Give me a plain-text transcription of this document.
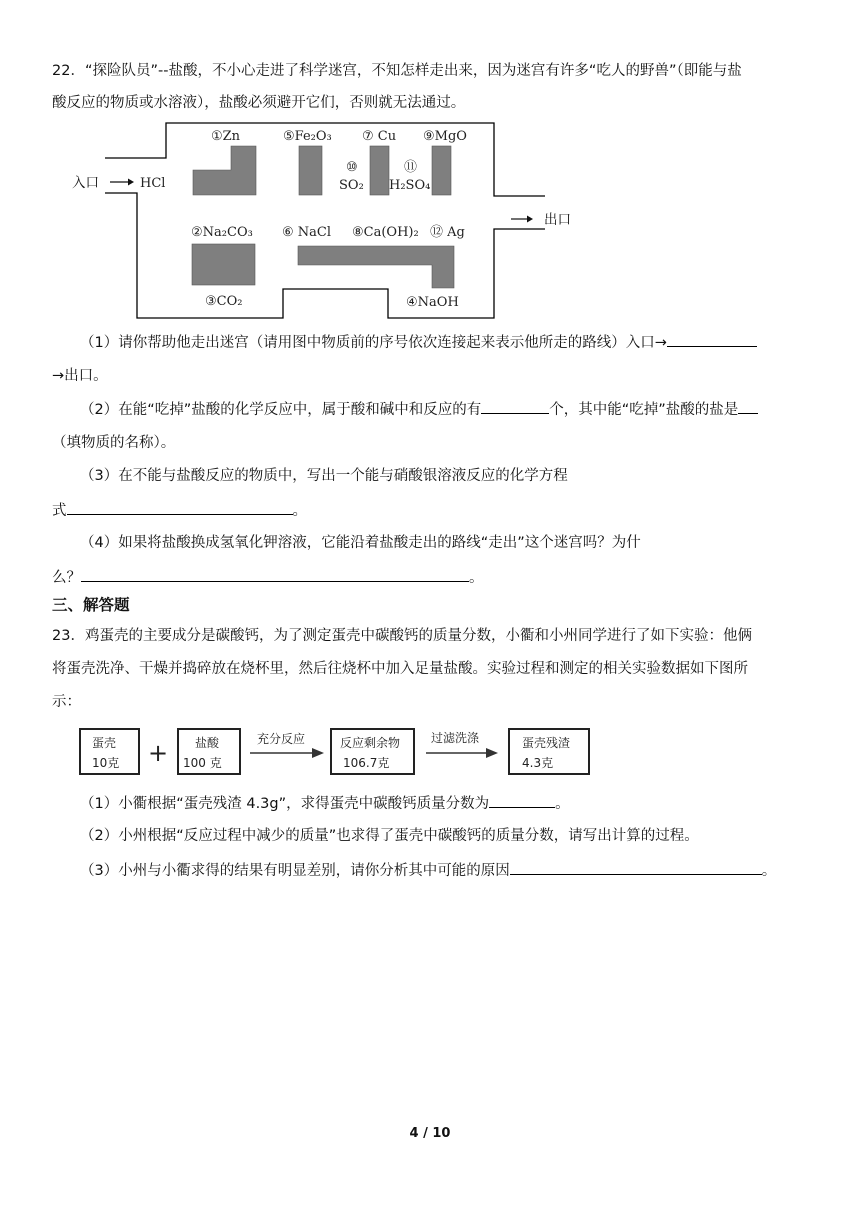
22．“探险队员”--盐酸，不小心走进了科学迷宫，不知怎样走出来，因为迷宫有许多“吃人的野兽”（即能与盐
酸反应的物质或水溶液），盐酸必须避开它们，否则就无法通过。
入口
出口
HCl
①Zn	⑤Fe₂O₃ ⑦ Cu ⑨MgO
⑩
SO₂
⑪
H₂SO₄
②Na₂CO₃ ⑥ NaCl ⑧Ca(OH)₂ ⑫ Ag
③CO₂	④NaOH
（1）请你帮助他走出迷宫（请用图中物质前的序号依次连接起来表示他所走的路线）入口→
→出口。
（2）在能“吃掉”盐酸的化学反应中，属于酸和碱中和反应的有	个，其中能“吃掉”盐酸的盐是
（填物质的名称）。
（3）在不能与盐酸反应的物质中，写出一个能与硝酸银溶液反应的化学方程
式	。
（4）如果将盐酸换成氢氧化钾溶液，它能沿着盐酸走出的路线“走出”这个迷宫吗？为什
么？	。
三、解答题
23．鸡蛋壳的主要成分是碳酸钙，为了测定蛋壳中碳酸钙的质量分数，小衢和小州同学进行了如下实验：他俩
将蛋壳洗净、干燥并捣碎放在烧杯里，然后往烧杯中加入足量盐酸。实验过程和测定的相关实验数据如下图所
示：
蛋壳
10克 + 盐酸
100 克
充分反应	反应剩余物
106.7克
过滤洗涤	蛋壳残渣
4.3克
（1）小衢根据“蛋壳残渣 4.3g”，求得蛋壳中碳酸钙质量分数为	。
（2）小州根据“反应过程中减少的质量”也求得了蛋壳中碳酸钙的质量分数，请写出计算的过程。
（3）小州与小衢求得的结果有明显差别，请你分析其中可能的原因	。
4 / 10
